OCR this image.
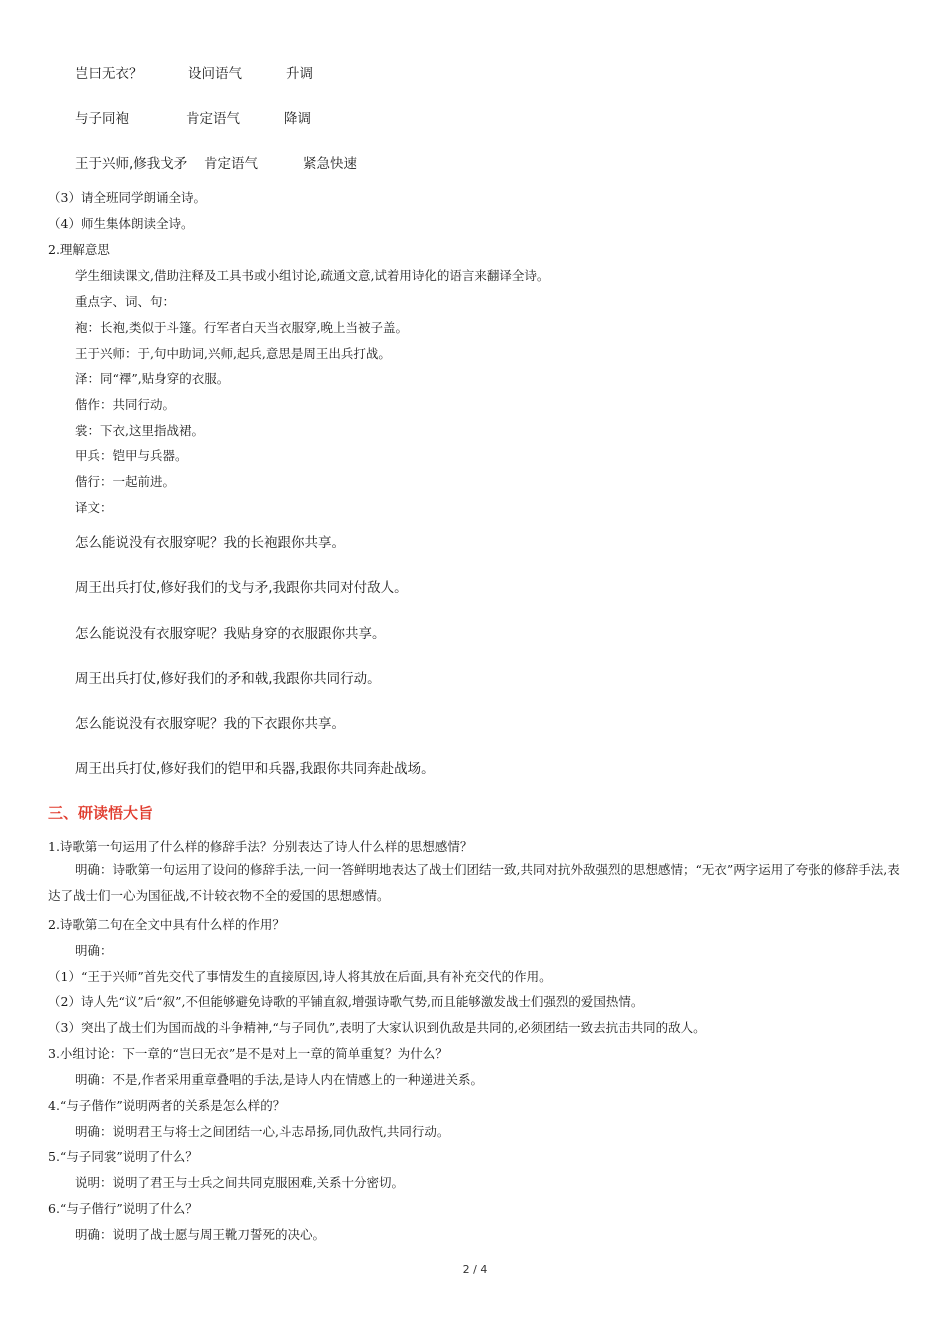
岂曰无衣？	设问语气	升调
与子同袍	肯定语气	降调
王于兴师,修我戈矛	肯定语气	紧急快速
（3）请全班同学朗诵全诗。
（4）师生集体朗读全诗。
2.理解意思
学生细读课文,借助注释及工具书或小组讨论,疏通文意,试着用诗化的语言来翻译全诗。
重点字、词、句：
袍：长袍,类似于斗篷。行军者白天当衣服穿,晚上当被子盖。
王于兴师：于,句中助词,兴师,起兵,意思是周王出兵打战。
泽：同“襗”,贴身穿的衣服。
偕作：共同行动。
裳：下衣,这里指战裙。
甲兵：铠甲与兵器。
偕行：一起前进。
译文：
怎么能说没有衣服穿呢？我的长袍跟你共享。
周王出兵打仗,修好我们的戈与矛,我跟你共同对付敌人。
怎么能说没有衣服穿呢？我贴身穿的衣服跟你共享。
周王出兵打仗,修好我们的矛和戟,我跟你共同行动。
怎么能说没有衣服穿呢？我的下衣跟你共享。
周王出兵打仗,修好我们的铠甲和兵器,我跟你共同奔赴战场。
三、研读悟大旨
1.诗歌第一句运用了什么样的修辞手法？分别表达了诗人什么样的思想感情？
明确：诗歌第一句运用了设问的修辞手法,一问一答鲜明地表达了战士们团结一致,共同对抗外敌强烈的思想感情；“无衣”两字运用了夸张的修辞手法,表达了战士们一心为国征战,不计较衣物不全的爱国的思想感情。
2.诗歌第二句在全文中具有什么样的作用？
明确：
（1）“王于兴师”首先交代了事情发生的直接原因,诗人将其放在后面,具有补充交代的作用。
（2）诗人先“议”后“叙”,不但能够避免诗歌的平铺直叙,增强诗歌气势,而且能够激发战士们强烈的爱国热情。
（3）突出了战士们为国而战的斗争精神,“与子同仇”,表明了大家认识到仇敌是共同的,必须团结一致去抗击共同的敌人。
3.小组讨论：下一章的“岂曰无衣”是不是对上一章的简单重复？为什么？
明确：不是,作者采用重章叠唱的手法,是诗人内在情感上的一种递进关系。
4.“与子偕作”说明两者的关系是怎么样的？
明确：说明君王与将士之间团结一心,斗志昂扬,同仇敌忾,共同行动。
5.“与子同裳”说明了什么？
说明：说明了君王与士兵之间共同克服困难,关系十分密切。
6.“与子偕行”说明了什么？
明确：说明了战士愿与周王靴刀誓死的决心。
2 / 4
